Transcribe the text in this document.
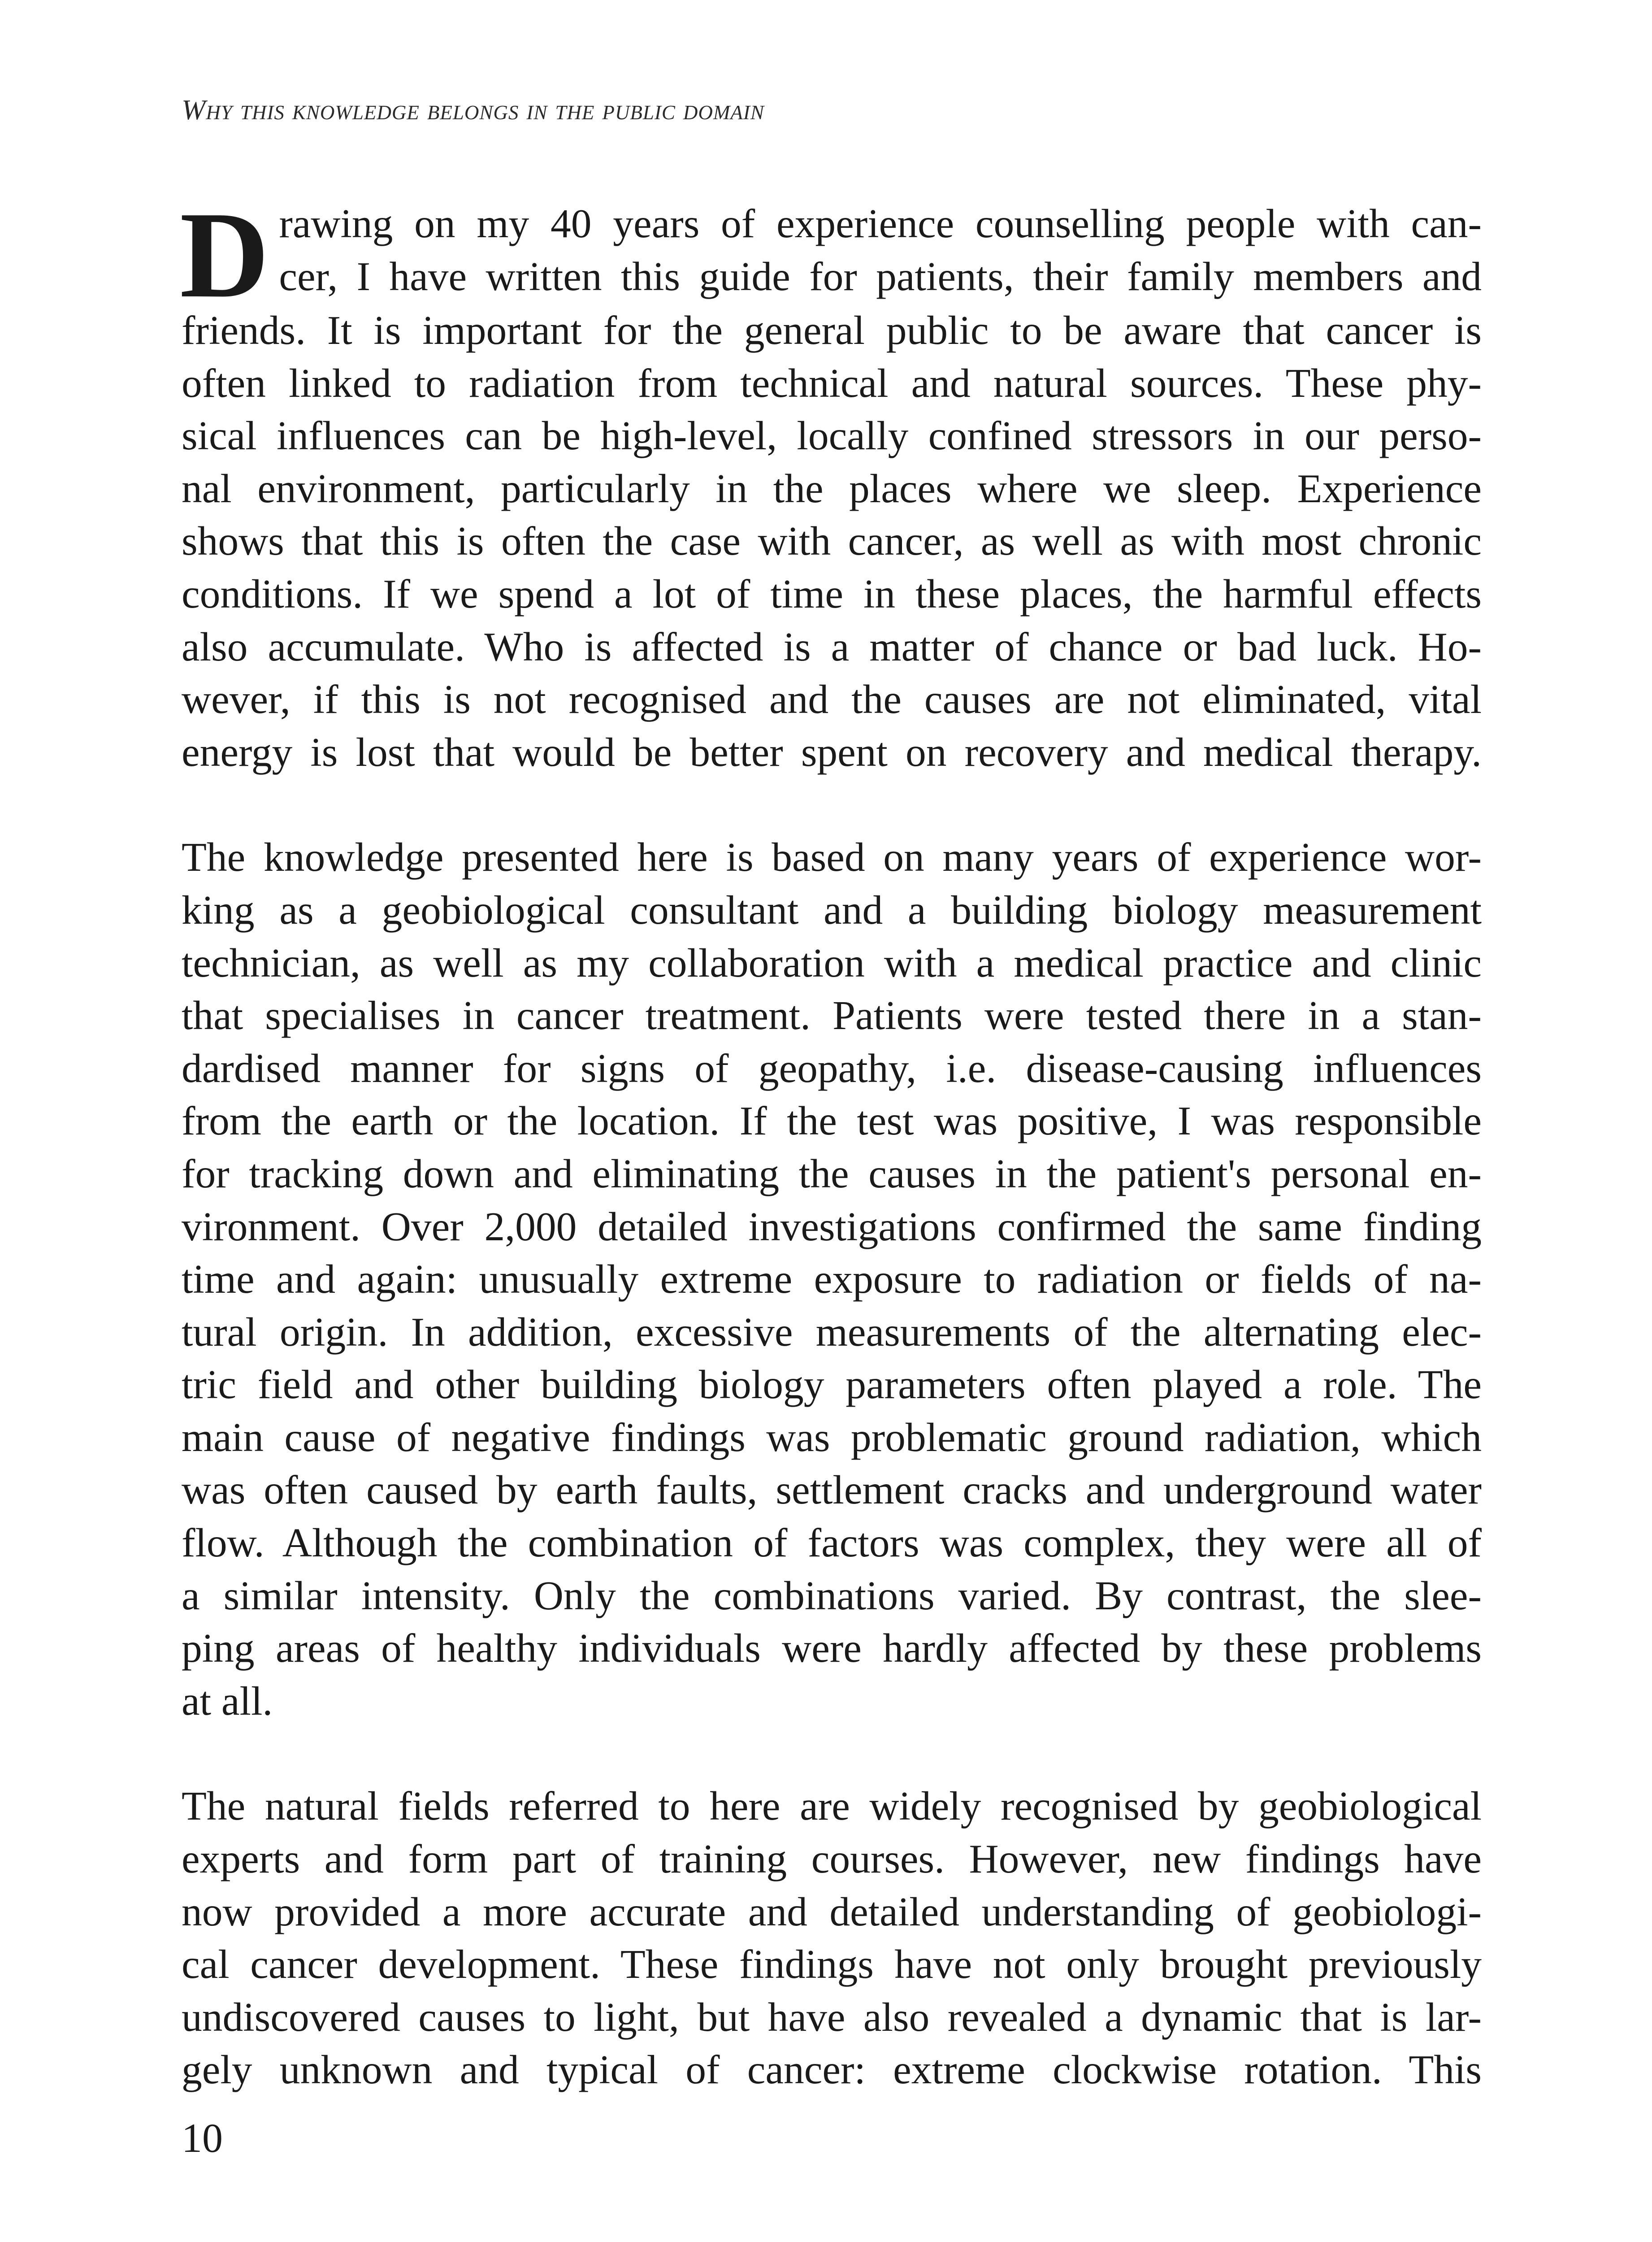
Why this knowledge belongs in the public domain
D rawing on my 40 years of experience counselling people with can-
cer, I have written this guide for patients, their family members and
friends. It is important for the general public to be aware that cancer is
often linked to radiation from technical and natural sources. These phy-
sical influences can be high-level, locally confined stressors in our perso-
nal environment, particularly in the places where we sleep. Experience
shows that this is often the case with cancer, as well as with most chronic
conditions. If we spend a lot of time in these places, the harmful effects
also accumulate. Who is affected is a matter of chance or bad luck. Ho-
wever, if this is not recognised and the causes are not eliminated, vital
energy is lost that would be better spent on recovery and medical therapy.
The knowledge presented here is based on many years of experience wor-
king as a geobiological consultant and a building biology measurement
technician, as well as my collaboration with a medical practice and clinic
that specialises in cancer treatment. Patients were tested there in a stan-
dardised manner for signs of geopathy, i.e. disease-causing influences
from the earth or the location. If the test was positive, I was responsible
for tracking down and eliminating the causes in the patient's personal en-
vironment. Over 2,000 detailed investigations confirmed the same finding
time and again: unusually extreme exposure to radiation or fields of na-
tural origin. In addition, excessive measurements of the alternating elec-
tric field and other building biology parameters often played a role. The
main cause of negative findings was problematic ground radiation, which
was often caused by earth faults, settlement cracks and underground water
flow. Although the combination of factors was complex, they were all of
a similar intensity. Only the combinations varied. By contrast, the slee-
ping areas of healthy individuals were hardly affected by these problems
at all.
The natural fields referred to here are widely recognised by geobiological
experts and form part of training courses. However, new findings have
now provided a more accurate and detailed understanding of geobiologi-
cal cancer development. These findings have not only brought previously
undiscovered causes to light, but have also revealed a dynamic that is lar-
gely unknown and typical of cancer: extreme clockwise rotation. This
10
